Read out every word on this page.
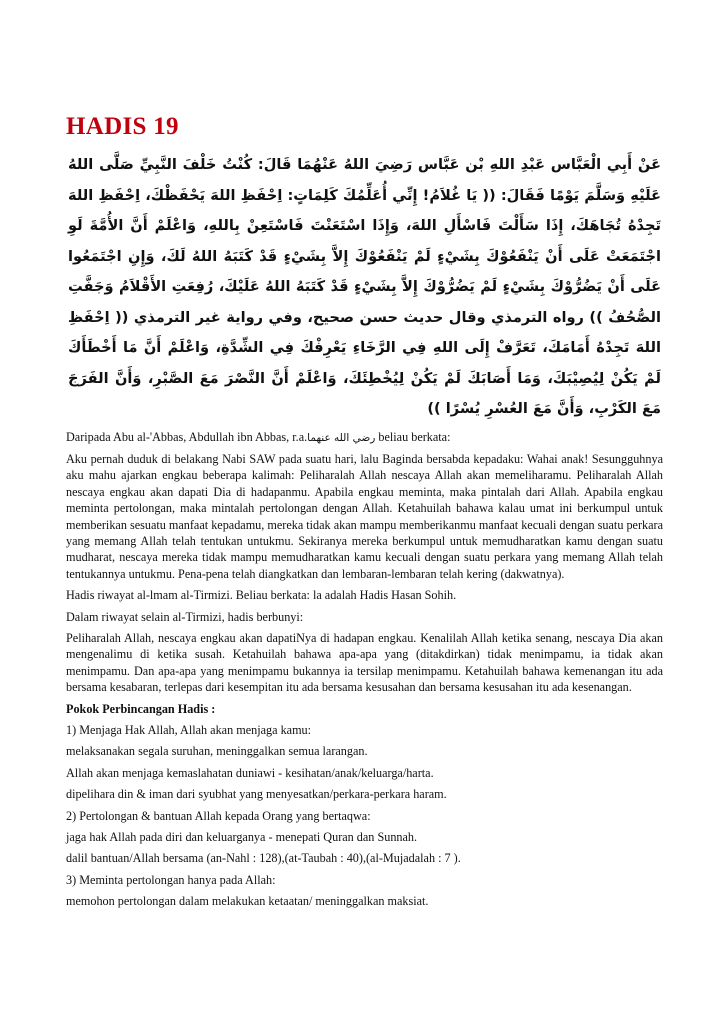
HADIS 19

عَنْ أَبِي الْعَبَّاس عَبْدِ اللهِ بْن عَبَّاس رَضِيَ اللهُ عَنْهُمَا قَالَ: كُنْتُ خَلْفَ النَّبِيِّ صَلَّى اللهُ عَلَيْهِ وَسَلَّمَ يَوْمًا فَقَالَ: (( يَا غُلاَمُ! إِنِّي أُعَلِّمُكَ كَلِمَاتٍ: اِحْفَظِ اللهَ يَحْفَظْكَ، اِحْفَظِ اللهَ تَجِدْهُ تُجَاهَكَ، إِذَا سَأَلْتَ فَاسْأَلِ اللهَ، وَإِذَا اسْتَعَنْتَ فَاسْتَعِنْ بِاللهِ، وَاعْلَمْ أَنَّ الأُمَّةَ لَوِ اجْتَمَعَتْ عَلَى أَنْ يَنْفَعُوْكَ بِشَيْءٍ لَمْ يَنْفَعُوْكَ إِلاَّ بِشَيْءٍ قَدْ كَتَبَهُ اللهُ لَكَ، وَإِنِ اجْتَمَعُوا عَلَى أَنْ يَضُرُّوْكَ بِشَيْءٍ لَمْ يَضُرُّوْكَ إِلاَّ بِشَيْءٍ قَدْ كَتَبَهُ اللهُ عَلَيْكَ، رُفِعَتِ الأَقْلاَمُ وَجَفَّتِ الصُّحُفُ )) رواه الترمذي وقال حديث حسن صحيح، وفي رواية غير الترمذي (( اِحْفَظِ اللهَ تَجِدْهُ أَمَامَكَ، تَعَرَّفْ إِلَى اللهِ فِي الرَّخَاءِ يَعْرِفْكَ فِي الشِّدَّةِ، وَاعْلَمْ أَنَّ مَا أَخْطَأَكَ لَمْ يَكُنْ لِيُصِيْبَكَ، وَمَا أَصَابَكَ لَمْ يَكُنْ لِيُخْطِئَكَ، وَاعْلَمْ أَنَّ النَّصْرَ مَعَ الصَّبْرِ، وَأَنَّ الفَرَجَ مَعَ الكَرْبِ، وَأَنَّ مَعَ العُسْرِ يُسْرًا ))

Daripada Abu al-'Abbas, Abdullah ibn Abbas, r.a.رضي الله عنهما beliau berkata:

Aku pernah duduk di belakang Nabi SAW pada suatu hari, lalu Baginda bersabda kepadaku: Wahai anak! Sesungguhnya aku mahu ajarkan engkau beberapa kalimah: Peliharalah Allah nescaya Allah akan memeliharamu. Peliharalah Allah nescaya engkau akan dapati Dia di hadapanmu. Apabila engkau meminta, maka pintalah dari Allah. Apabila engkau meminta pertolongan, maka mintalah pertolongan dengan Allah. Ketahuilah bahawa kalau umat ini berkumpul untuk memberikan sesuatu manfaat kepadamu, mereka tidak akan mampu memberikanmu manfaat kecuali dengan suatu perkara yang memang Allah telah tentukan untukmu. Sekiranya mereka berkumpul untuk memudharatkan kamu dengan suatu mudharat, nescaya mereka tidak mampu memudharatkan kamu kecuali dengan suatu perkara yang memang Allah telah tentukannya untukmu. Pena-pena telah diangkatkan dan lembaran-lembaran telah kering (dakwatnya).

Hadis riwayat al-lmam al-Tirmizi. Beliau berkata: la adalah Hadis Hasan Sohih.

Dalam riwayat selain al-Tirmizi, hadis berbunyi:

Peliharalah Allah, nescaya engkau akan dapatiNya di hadapan engkau. Kenalilah Allah ketika senang, nescaya Dia akan mengenalimu di ketika susah. Ketahuilah bahawa apa-apa yang (ditakdirkan) tidak menimpamu, ia tidak akan menimpamu. Dan apa-apa yang menimpamu bukannya ia tersilap menimpamu. Ketahuilah bahawa kemenangan itu ada bersama kesabaran, terlepas dari kesempitan itu ada bersama kesusahan dan bersama kesusahan itu ada kesenangan.

Pokok Perbincangan Hadis :

1) Menjaga Hak Allah, Allah akan menjaga kamu:

melaksanakan segala suruhan, meninggalkan semua larangan.

Allah akan menjaga kemaslahatan duniawi - kesihatan/anak/keluarga/harta.

dipelihara din & iman dari syubhat yang menyesatkan/perkara-perkara haram.

2) Pertolongan & bantuan Allah kepada Orang yang bertaqwa:

jaga hak Allah pada diri dan keluarganya - menepati Quran dan Sunnah.

dalil bantuan/Allah bersama (an-Nahl : 128),(at-Taubah : 40),(al-Mujadalah : 7 ).

3) Meminta pertolongan hanya pada Allah:

memohon pertolongan dalam melakukan ketaatan/ meninggalkan maksiat.
